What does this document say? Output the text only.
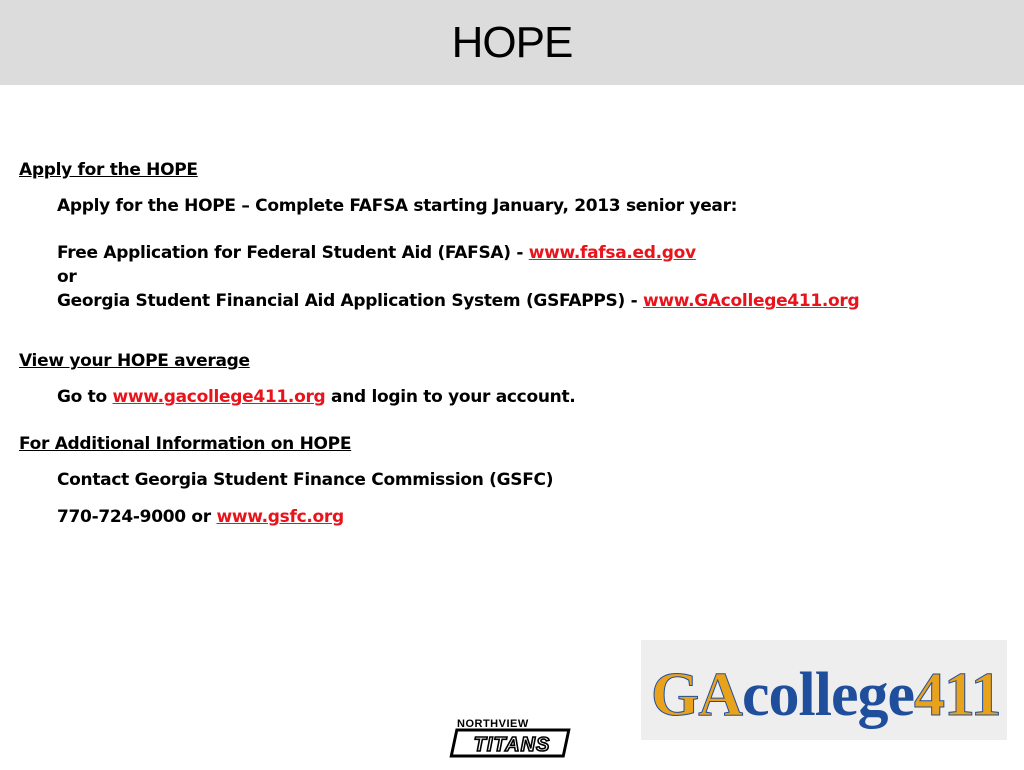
HOPE
Apply for the HOPE
Apply for the HOPE – Complete FAFSA starting January, 2013 senior year:
Free Application for Federal Student Aid (FAFSA) - www.fafsa.ed.gov
or
Georgia Student Financial Aid Application System (GSFAPPS) - www.GAcollege411.org
View your HOPE average
Go to www.gacollege411.org and login to your account.
For Additional Information on HOPE
Contact Georgia Student Finance Commission (GSFC)
770-724-9000 or www.gsfc.org
GAcollege411
NORTHVIEW
TITANS
